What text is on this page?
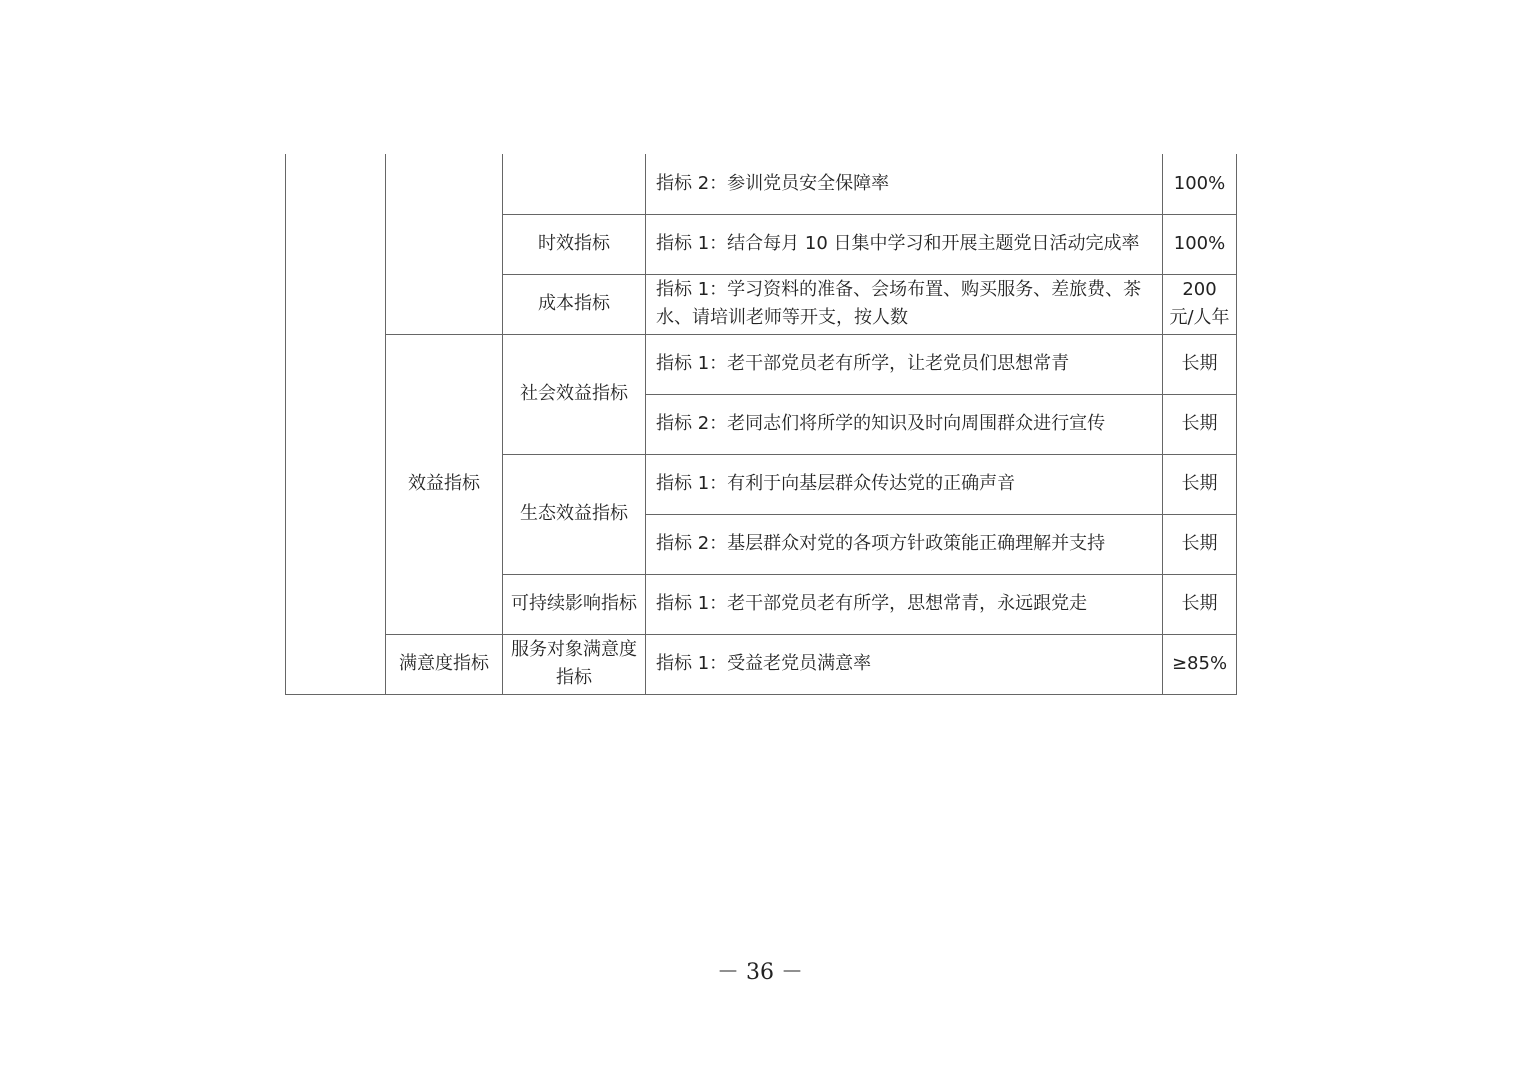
			指标 2：参训党员安全保障率	100%
		时效指标	指标 1：结合每月 10 日集中学习和开展主题党日活动完成率	100%
		成本指标	指标 1：学习资料的准备、会场布置、购买服务、差旅费、茶水、请培训老师等开支，按人数	200 元/人年
	效益指标	社会效益指标	指标 1：老干部党员老有所学，让老党员们思想常青	长期
			指标 2：老同志们将所学的知识及时向周围群众进行宣传	长期
		生态效益指标	指标 1：有利于向基层群众传达党的正确声音	长期
			指标 2：基层群众对党的各项方针政策能正确理解并支持	长期
		可持续影响指标	指标 1：老干部党员老有所学，思想常青，永远跟党走	长期
	满意度指标	服务对象满意度指标	指标 1：受益老党员满意率	≥85%
－ 36 －
